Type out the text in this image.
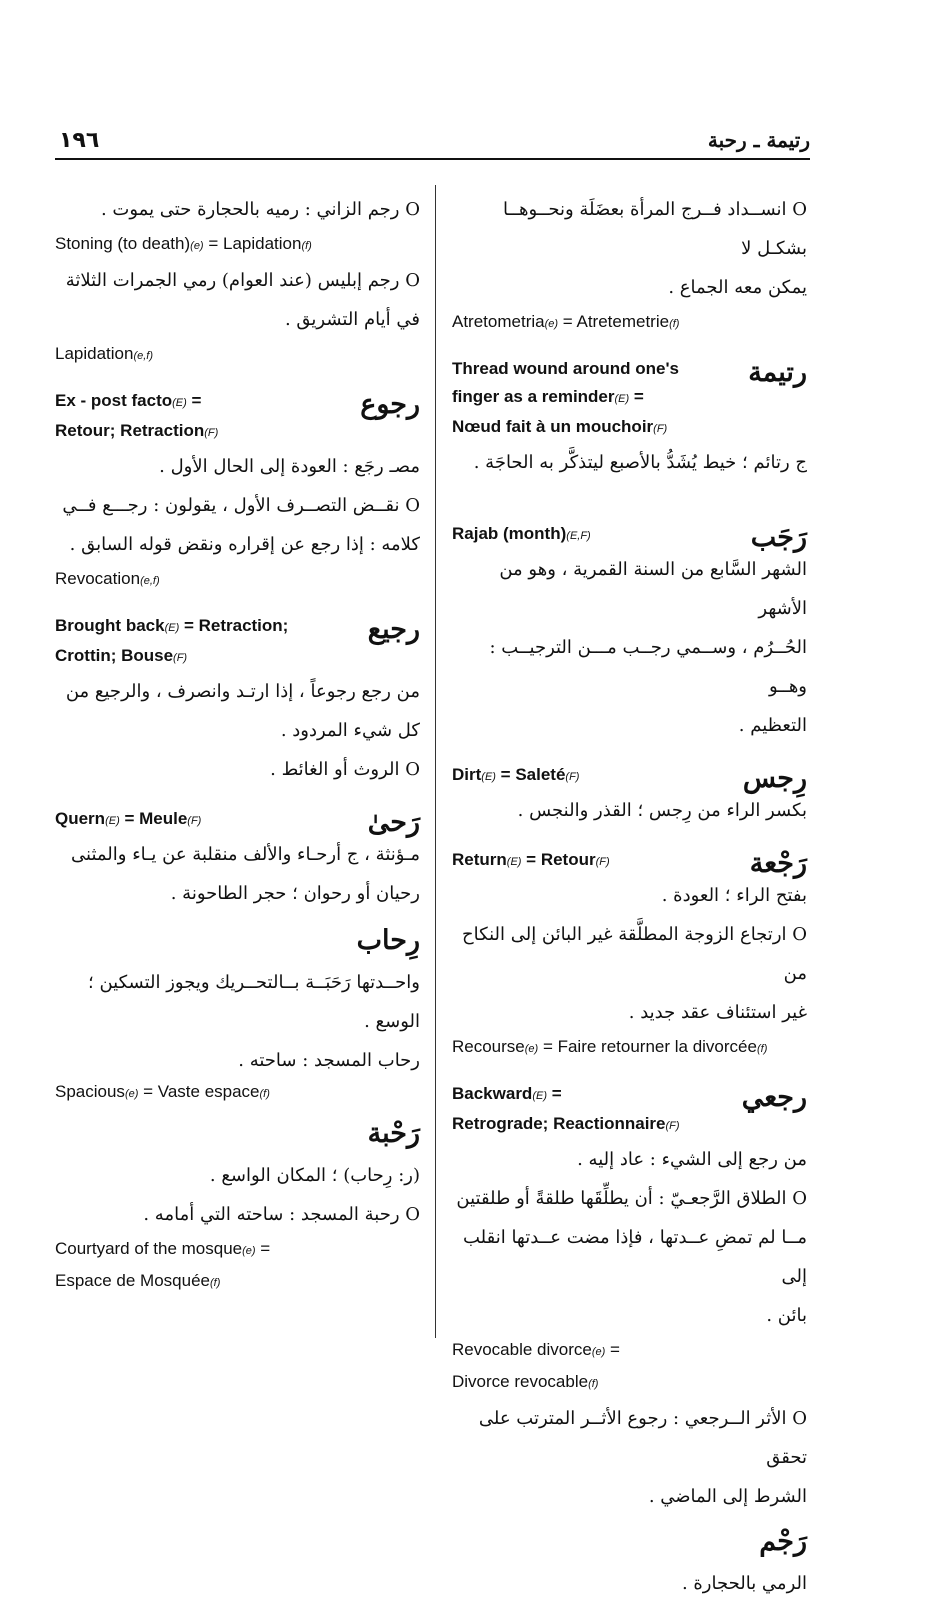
١٩٦	رتيمة ـ رحبة

O انســداد فــرج المرأة بعضَلَة ونحــوهــا بشكـل لا

يمكن معه الجماع .

Atretometria(e) = Atretemetrie(f)

رتيمة

Thread wound around one's

finger as a reminder(E) =

Nœud fait à un mouchoir(F)

ج رتائم ؛ خيط يُشَدُّ بالأصبع ليتذكَّر به الحاجَة .

رَجَب

Rajab (month)(E,F)

الشهر السَّابع من السنة القمرية ، وهو من الأشهر

الحُــرُم ، وســمي رجــب مـــن الترجيــب : وهــو

التعظيم .

رِجس

Dirt(E) = Saleté(F)

بكسر الراء من رِجس ؛ القذر والنجس .

رَجْعة

Return(E) = Retour(F)

بفتح الراء ؛ العودة .

O ارتجاع الزوجة المطلَّقة غير البائن إلى النكاح من

غير استئناف عقد جديد .

Recourse(e) = Faire retourner la divorcée(f)

رجعي

Backward(E) =

Retrograde; Reactionnaire(F)

من رجع إلى الشيء : عاد إليه .

O الطلاق الرَّجعـيّ : أن يطلِّقَها طلقةً أو طلقتين

مــا لم تمضِ عــدتها ، فإذا مضت عــدتها انقلب إلى

بائن .

Revocable divorce(e) =

Divorce revocable(f)

O الأثر الــرجعي : رجوع الأثــر المترتب على تحقق

الشرط إلى الماضي .

رَجْم

الرمي بالحجارة .

O رجم الزاني : رميه بالحجارة حتى يموت .

Stoning (to death)(e) = Lapidation(f)

O رجم إبليس (عند العوام) رمي الجمرات الثلاثة

في أيام التشريق .

Lapidation(e,f)

رجوع

Ex - post facto(E) =

Retour; Retraction(F)

مصـ رجَع : العودة إلى الحال الأول .

O نقــض التصــرف الأول ، يقولون : رجـــع فــي

كلامه : إذا رجع عن إقراره ونقض قوله السابق .

Revocation(e,f)

رجيع

Brought back(E) = Retraction;

Crottin; Bouse(F)

من رجع رجوعاً ، إذا ارتـد وانصرف ، والرجيع من

كل شيء المردود .

O الروث أو الغائط .

رَحىٰ

Quern(E) = Meule(F)

مـؤنثة ، ج أرحـاء والألف منقلبة عن يـاء والمثنى

رحيان أو رحوان ؛ حجر الطاحونة .

رِحاب

واحــدتها رَحَبَــة بــالتحــريك ويجوز التسكين ؛

الوسع .

رحاب المسجد : ساحته .

Spacious(e) = Vaste espace(f)

رَحْبة

(ر: رِحاب) ؛ المكان الواسع .

O رحبة المسجد : ساحته التي أمامه .

Courtyard of the mosque(e) =

Espace de Mosquée(f)
